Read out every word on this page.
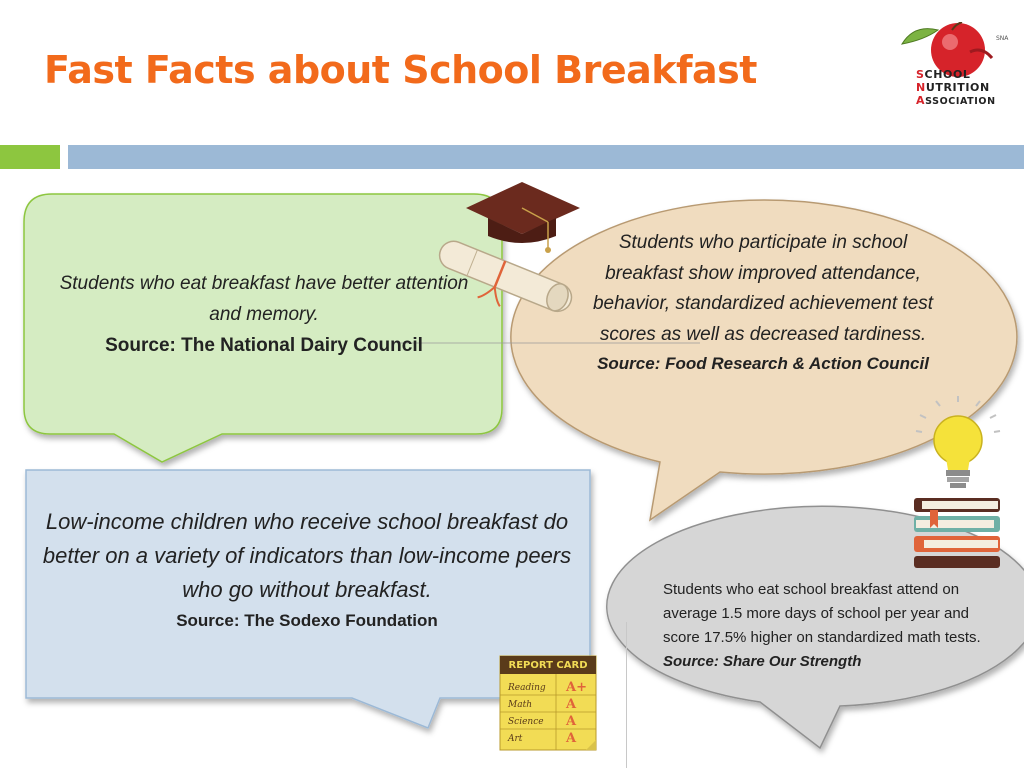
Fast Facts about School Breakfast
SNA
SCHOOL
NUTRITION
ASSOCIATION
REPORT CARD
Reading
Math
Science
Art
A+
A
A
A
Students who eat breakfast have better attention and memory.
Source: The National Dairy Council
Students who participate in school breakfast show improved attendance, behavior, standardized achievement test scores as well as decreased tardiness.
Source: Food Research & Action Council
Low-income children who receive school breakfast do better on a variety of indicators than low-income peers who go without breakfast.
Source: The Sodexo Foundation
Students who eat school breakfast attend on average 1.5 more days of school per year and score 17.5% higher on standardized math tests.
Source: Share Our Strength
